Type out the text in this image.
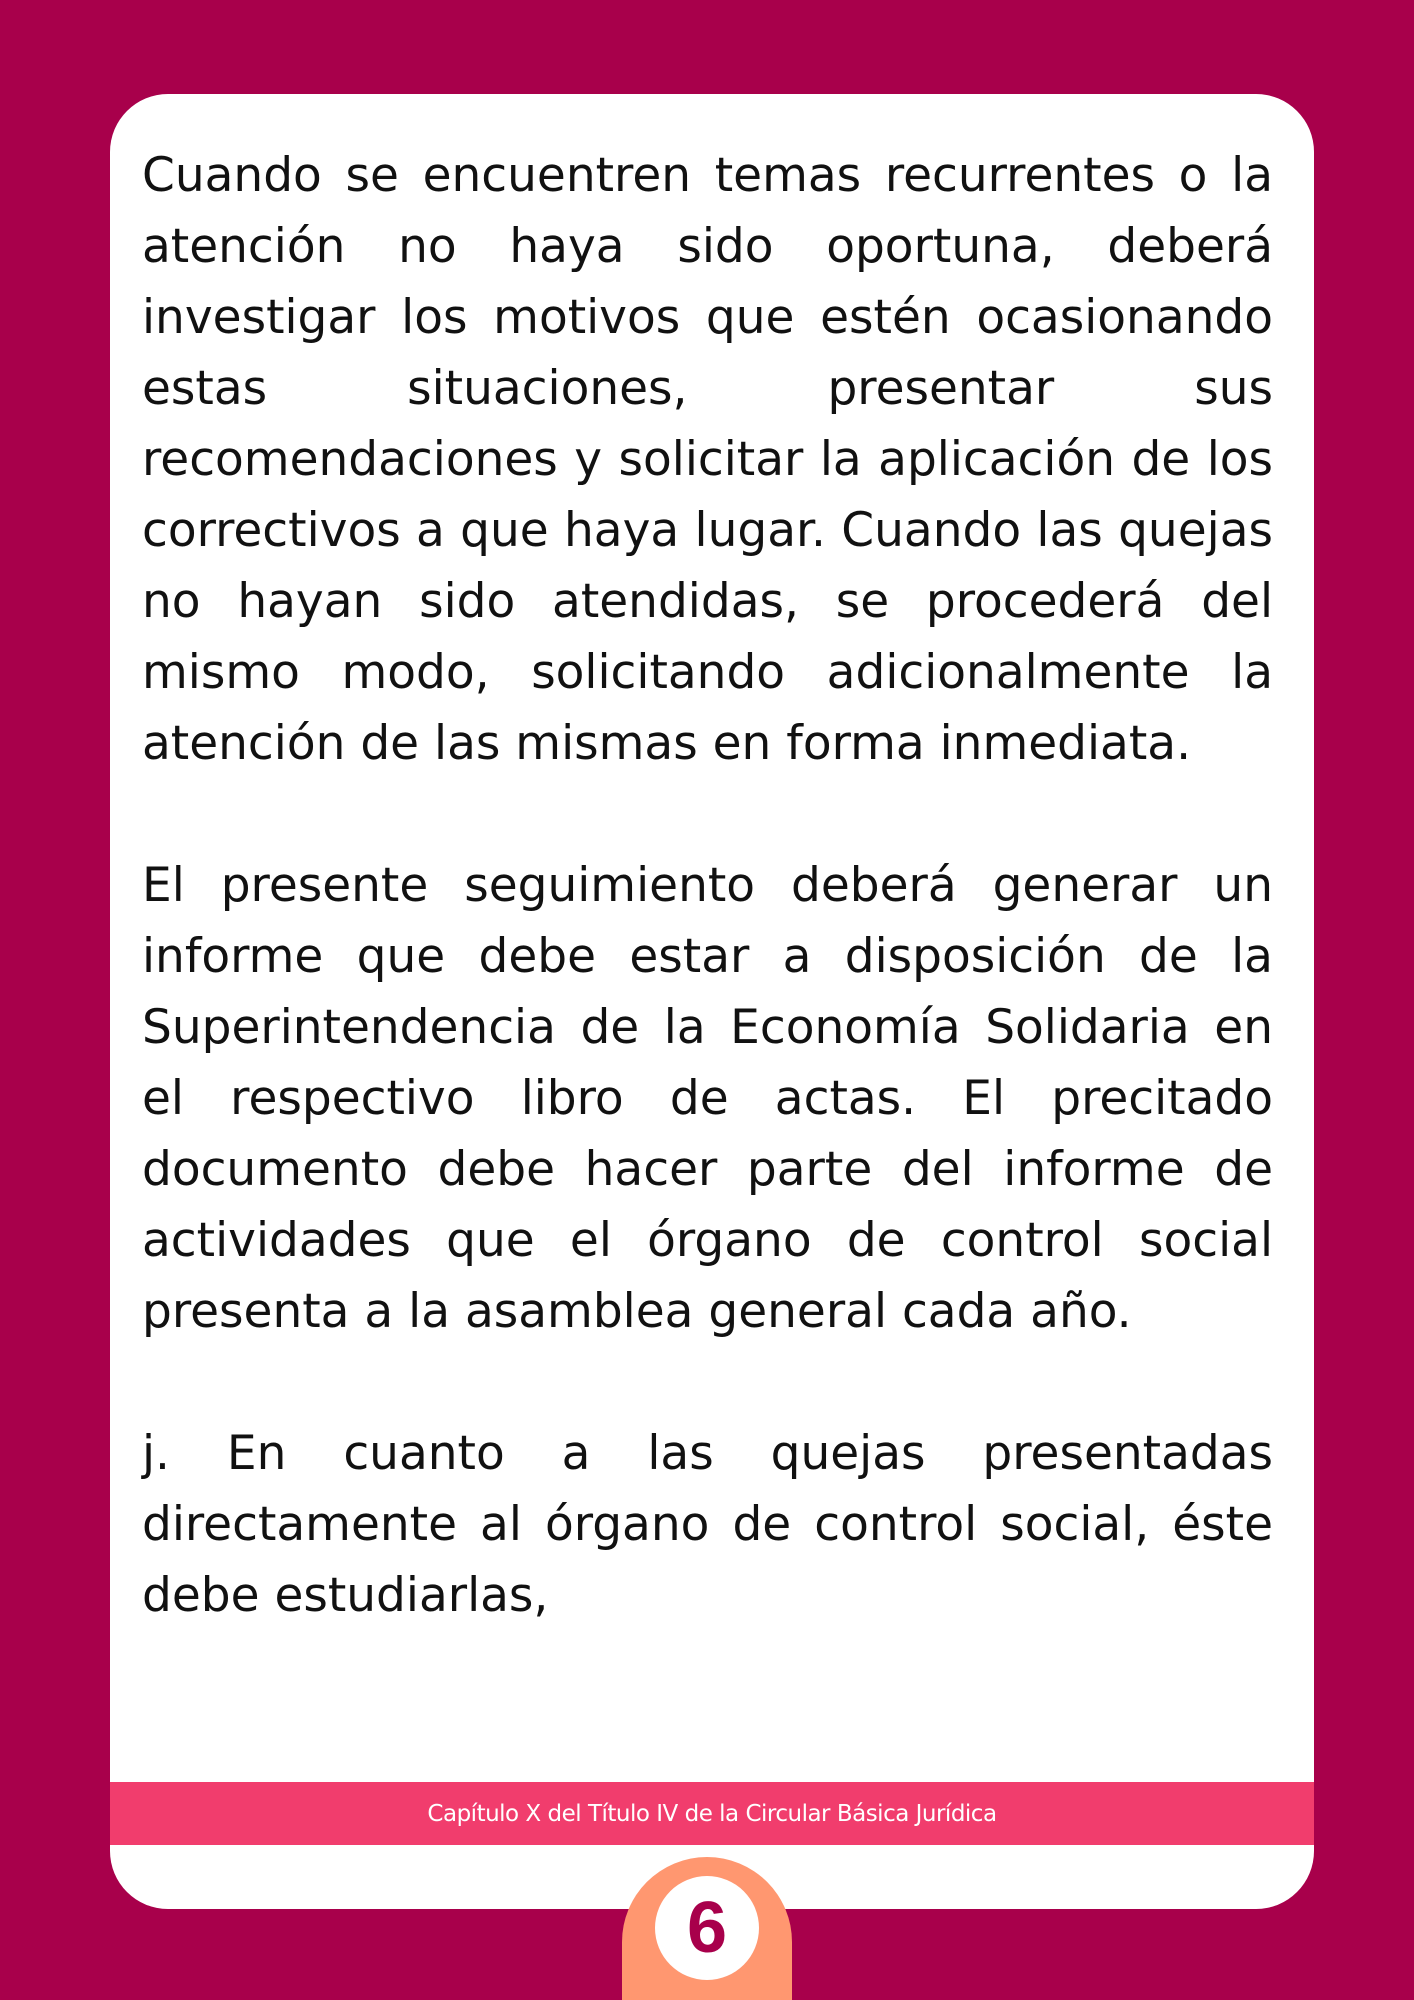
Cuando se encuentren temas recurrentes o la atención no haya sido oportuna, deberá investigar los motivos que estén ocasionando estas situaciones, presentar sus recomendaciones y solicitar la aplicación de los correctivos a que haya lugar. Cuando las quejas no hayan sido atendidas, se procederá del mismo modo, solicitando adicionalmente la atención de las mismas en forma inmediata.

El presente seguimiento deberá generar un informe que debe estar a disposición de la Superintendencia de la Economía Solidaria en el respectivo libro de actas. El precitado documento debe hacer parte del informe de actividades que el órgano de control social presenta a la asamblea general cada año.

j. En cuanto a las quejas presentadas directamente al órgano de control social, éste debe estudiarlas,

Capítulo X del Título IV de la Circular Básica Jurídica
6
